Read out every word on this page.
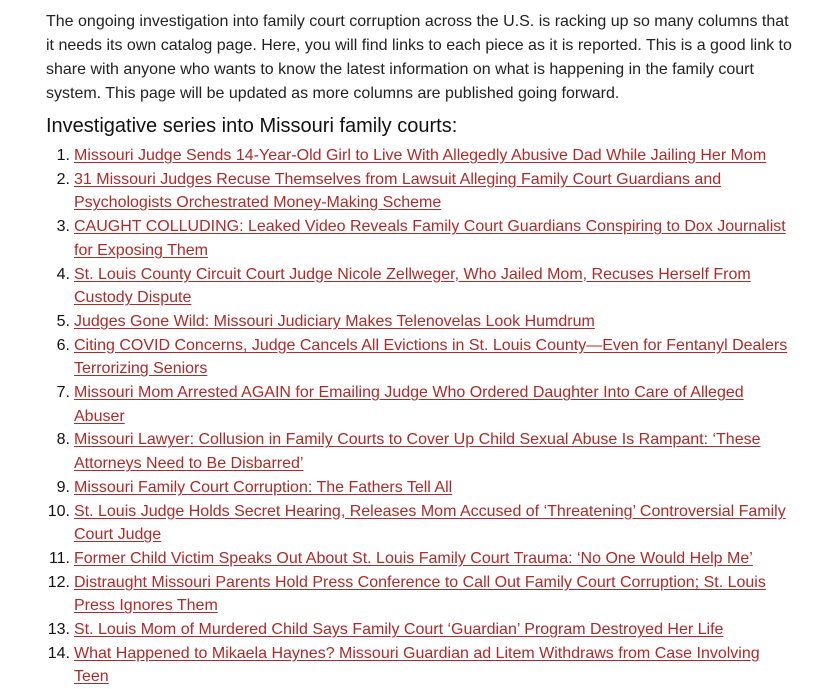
The ongoing investigation into family court corruption across the U.S. is racking up so many columns that it needs its own catalog page. Here, you will find links to each piece as it is reported. This is a good link to share with anyone who wants to know the latest information on what is happening in the family court system. This page will be updated as more columns are published going forward.

Investigative series into Missouri family courts:
1. Missouri Judge Sends 14-Year-Old Girl to Live With Allegedly Abusive Dad While Jailing Her Mom
2. 31 Missouri Judges Recuse Themselves from Lawsuit Alleging Family Court Guardians and Psychologists Orchestrated Money-Making Scheme
3. CAUGHT COLLUDING: Leaked Video Reveals Family Court Guardians Conspiring to Dox Journalist for Exposing Them
4. St. Louis County Circuit Court Judge Nicole Zellweger, Who Jailed Mom, Recuses Herself From Custody Dispute
5. Judges Gone Wild: Missouri Judiciary Makes Telenovelas Look Humdrum
6. Citing COVID Concerns, Judge Cancels All Evictions in St. Louis County—Even for Fentanyl Dealers Terrorizing Seniors
7. Missouri Mom Arrested AGAIN for Emailing Judge Who Ordered Daughter Into Care of Alleged Abuser
8. Missouri Lawyer: Collusion in Family Courts to Cover Up Child Sexual Abuse Is Rampant: ‘These Attorneys Need to Be Disbarred’
9. Missouri Family Court Corruption: The Fathers Tell All
10. St. Louis Judge Holds Secret Hearing, Releases Mom Accused of ‘Threatening’ Controversial Family Court Judge
11. Former Child Victim Speaks Out About St. Louis Family Court Trauma: ‘No One Would Help Me’
12. Distraught Missouri Parents Hold Press Conference to Call Out Family Court Corruption; St. Louis Press Ignores Them
13. St. Louis Mom of Murdered Child Says Family Court ‘Guardian’ Program Destroyed Her Life
14. What Happened to Mikaela Haynes? Missouri Guardian ad Litem Withdraws from Case Involving Teen
